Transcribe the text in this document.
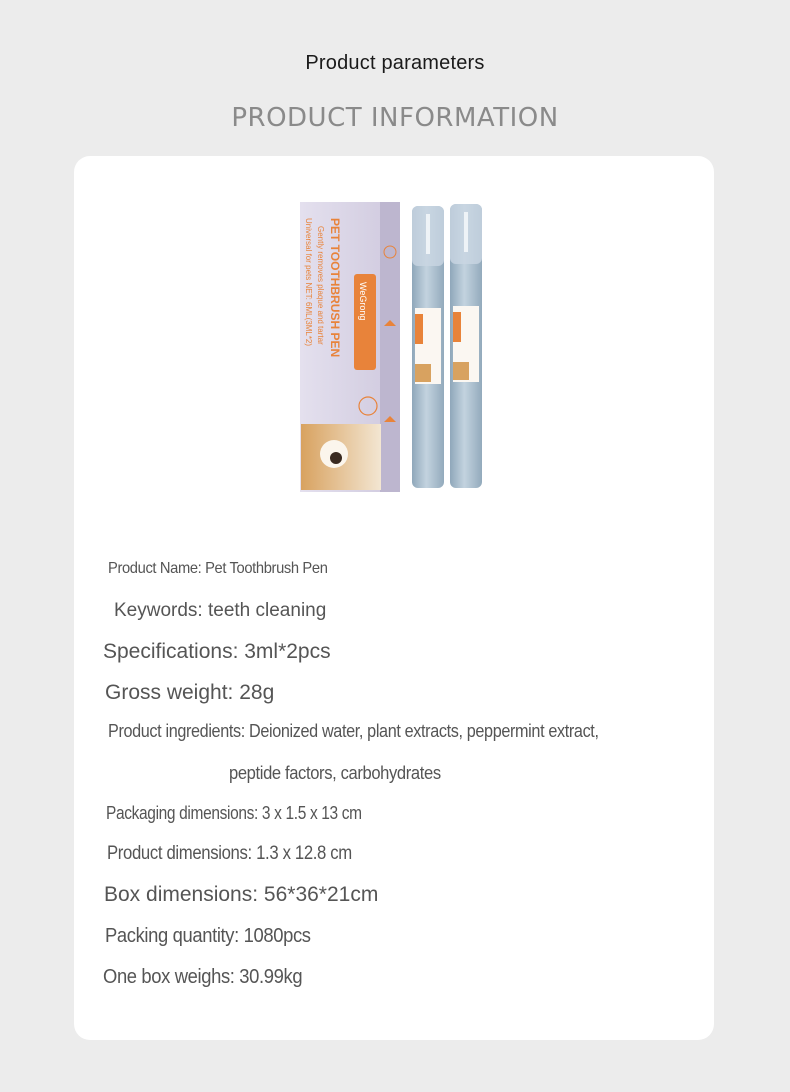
Product parameters
PRODUCT INFORMATION
WeGrong
PET TOOTHBRUSH PEN
Gently removes plaque and tartar
Universal for pets NET: 6ML(3ML*2)
Product Name: Pet Toothbrush Pen
Keywords: teeth cleaning
Specifications: 3ml*2pcs
Gross weight: 28g
Product ingredients: Deionized water, plant extracts, peppermint extract,
peptide factors, carbohydrates
Packaging dimensions: 3 x 1.5 x 13 cm
Product dimensions: 1.3 x 12.8 cm
Box dimensions: 56*36*21cm
Packing quantity: 1080pcs
One box weighs: 30.99kg
